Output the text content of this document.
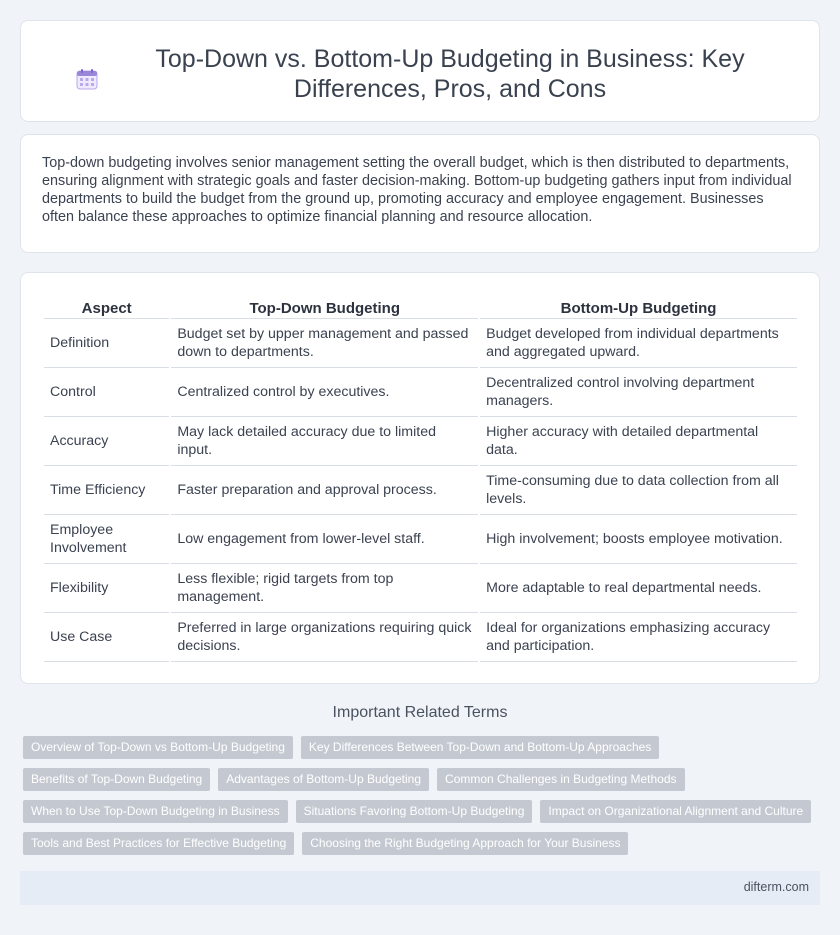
Top-Down vs. Bottom-Up Budgeting in Business: Key Differences, Pros, and Cons

Top-down budgeting involves senior management setting the overall budget, which is then distributed to departments, ensuring alignment with strategic goals and faster decision-making. Bottom-up budgeting gathers input from individual departments to build the budget from the ground up, promoting accuracy and employee engagement. Businesses often balance these approaches to optimize financial planning and resource allocation.

Aspect	Top-Down Budgeting	Bottom-Up Budgeting
Definition	Budget set by upper management and passed down to departments.	Budget developed from individual departments and aggregated upward.
Control	Centralized control by executives.	Decentralized control involving department managers.
Accuracy	May lack detailed accuracy due to limited input.	Higher accuracy with detailed departmental data.
Time Efficiency	Faster preparation and approval process.	Time-consuming due to data collection from all levels.
Employee Involvement	Low engagement from lower-level staff.	High involvement; boosts employee motivation.
Flexibility	Less flexible; rigid targets from top management.	More adaptable to real departmental needs.
Use Case	Preferred in large organizations requiring quick decisions.	Ideal for organizations emphasizing accuracy and participation.
Important Related Terms
Overview of Top-Down vs Bottom-Up Budgeting	Key Differences Between Top-Down and Bottom-Up Approaches
Benefits of Top-Down Budgeting	Advantages of Bottom-Up Budgeting	Common Challenges in Budgeting Methods
When to Use Top-Down Budgeting in Business	Situations Favoring Bottom-Up Budgeting	Impact on Organizational Alignment and Culture
Tools and Best Practices for Effective Budgeting	Choosing the Right Budgeting Approach for Your Business
difterm.com
